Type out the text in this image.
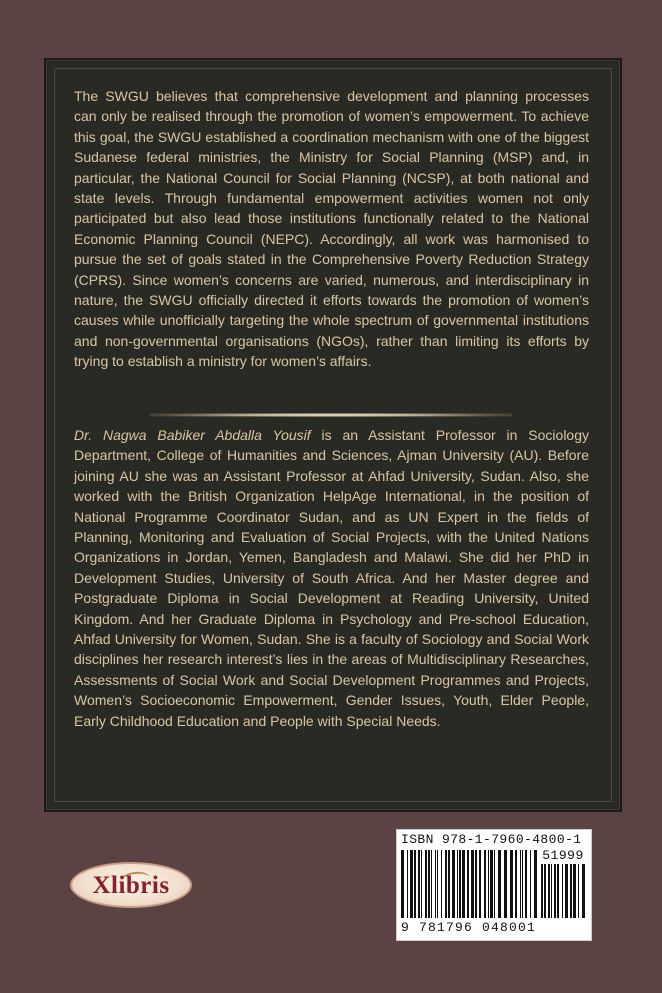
The SWGU believes that comprehensive development and planning processes can only be realised through the promotion of women’s empowerment. To achieve this goal, the SWGU established a coordination mechanism with one of the biggest Sudanese federal ministries, the Ministry for Social Planning (MSP) and, in particular, the National Council for Social Planning (NCSP), at both national and state levels. Through fundamental empowerment activities women not only participated but also lead those institutions functionally related to the National Economic Planning Council (NEPC). Accordingly, all work was harmonised to pursue the set of goals stated in the Comprehensive Poverty Reduction Strategy (CPRS). Since women’s concerns are varied, numerous, and interdisciplinary in nature, the SWGU officially directed it efforts towards the promotion of women’s causes while unofficially targeting the whole spectrum of governmental institutions and non-governmental organisations (NGOs), rather than limiting its efforts by trying to establish a ministry for women’s affairs.

Dr. Nagwa Babiker Abdalla Yousif is an Assistant Professor in Sociology Department, College of Humanities and Sciences, Ajman University (AU). Before joining AU she was an Assistant Professor at Ahfad University, Sudan. Also, she worked with the British Organization HelpAge International, in the position of National Programme Coordinator Sudan, and as UN Expert in the fields of Planning, Monitoring and Evaluation of Social Projects, with the United Nations Organizations in Jordan, Yemen, Bangladesh and Malawi. She did her PhD in Development Studies, University of South Africa. And her Master degree and Postgraduate Diploma in Social Development at Reading University, United Kingdom. And her Graduate Diploma in Psychology and Pre-school Education, Ahfad University for Women, Sudan. She is a faculty of Sociology and Social Work disciplines her research interest’s lies in the areas of Multidisciplinary Researches, Assessments of Social Work and Social Development Programmes and Projects, Women’s Socioeconomic Empowerment, Gender Issues, Youth, Elder People, Early Childhood Education and People with Special Needs.

Xlibris
ISBN 978-1-7960-4800-1
51999
9 781796 048001
